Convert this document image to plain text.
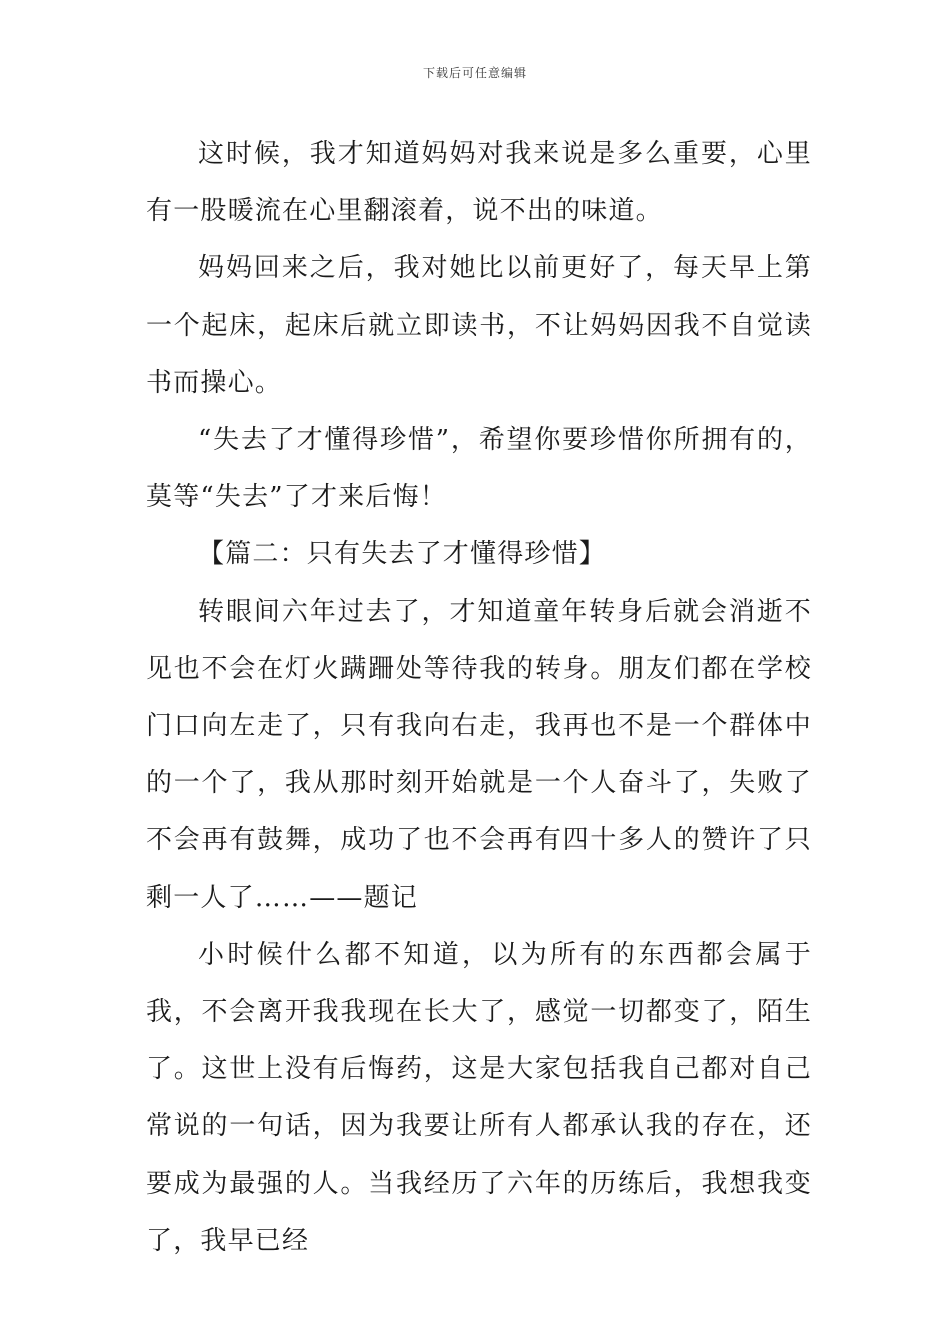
下载后可任意编辑

这时候，我才知道妈妈对我来说是多么重要，心里有一股暖流在心里翻滚着，说不出的味道。

妈妈回来之后，我对她比以前更好了，每天早上第一个起床，起床后就立即读书，不让妈妈因我不自觉读书而操心。

“失去了才懂得珍惜”，希望你要珍惜你所拥有的，莫等“失去”了才来后悔！

【篇二：只有失去了才懂得珍惜】

转眼间六年过去了，才知道童年转身后就会消逝不见也不会在灯火蹒跚处等待我的转身。朋友们都在学校门口向左走了，只有我向右走，我再也不是一个群体中的一个了，我从那时刻开始就是一个人奋斗了，失败了不会再有鼓舞，成功了也不会再有四十多人的赞许了只剩一人了……——题记

小时候什么都不知道，以为所有的东西都会属于我，不会离开我我现在长大了，感觉一切都变了，陌生了。这世上没有后悔药，这是大家包括我自己都对自己常说的一句话，因为我要让所有人都承认我的存在，还要成为最强的人。当我经历了六年的历练后，我想我变了，我早已经
